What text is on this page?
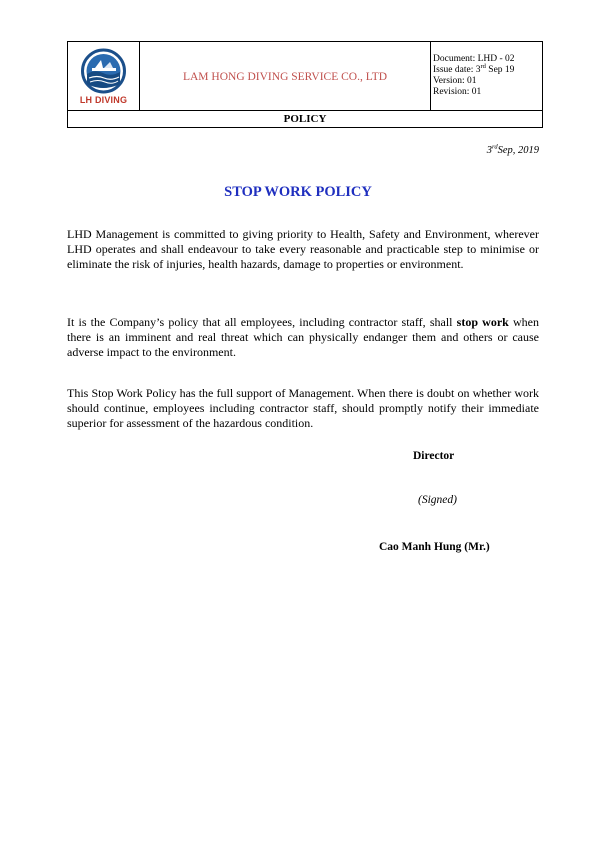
LH DIVING
	LAM HONG DIVING SERVICE CO., LTD	
Document: LHD - 02
Issue date: 3rd Sep 19
Version: 01
Revision: 01

POLICY
3rdSep, 2019
STOP WORK POLICY
LHD Management is committed to giving priority to Health, Safety and Environment, wherever LHD operates and shall endeavour to take every reasonable and practicable step to minimise or eliminate the risk of injuries, health hazards, damage to properties or environment.
It is the Company’s policy that all employees, including contractor staff, shall stop work when there is an imminent and real threat which can physically endanger them and others or cause adverse impact to the environment.
This Stop Work Policy has the full support of Management. When there is doubt on whether work should continue, employees including contractor staff, should promptly notify their immediate superior for assessment of the hazardous condition.
Director
(Signed)
Cao Manh Hung (Mr.)
